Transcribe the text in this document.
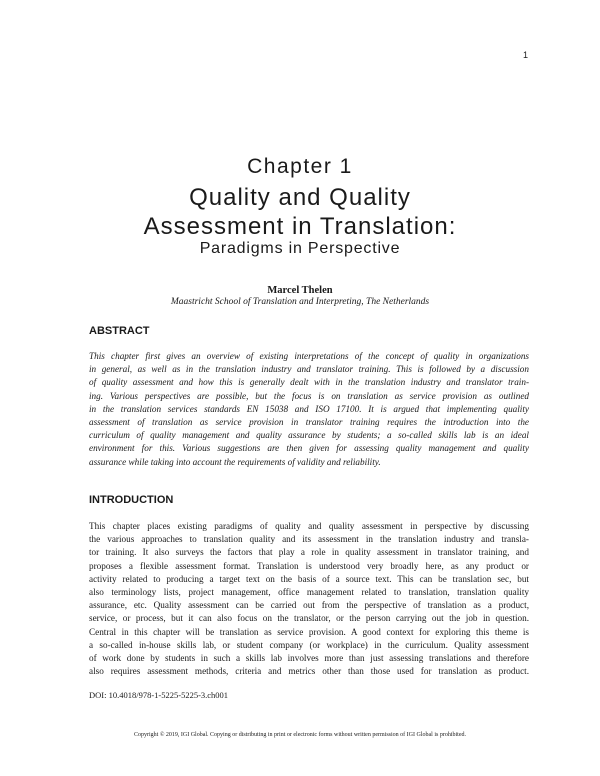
1
Chapter 1
Quality and Quality
Assessment in Translation:
Paradigms in Perspective
Marcel Thelen
Maastricht School of Translation and Interpreting, The Netherlands
ABSTRACT

This chapter first gives an overview of existing interpretations of the concept of quality in organizations
in general, as well as in the translation industry and translator training. This is followed by a discussion
of quality assessment and how this is generally dealt with in the translation industry and translator train-
ing. Various perspectives are possible, but the focus is on translation as service provision as outlined
in the translation services standards EN 15038 and ISO 17100. It is argued that implementing quality
assessment of translation as service provision in translator training requires the introduction into the
curriculum of quality management and quality assurance by students; a so-called skills lab is an ideal
environment for this. Various suggestions are then given for assessing quality management and quality
assurance while taking into account the requirements of validity and reliability.

INTRODUCTION

This chapter places existing paradigms of quality and quality assessment in perspective by discussing
the various approaches to translation quality and its assessment in the translation industry and transla-
tor training. It also surveys the factors that play a role in quality assessment in translator training, and
proposes a flexible assessment format. Translation is understood very broadly here, as any product or
activity related to producing a target text on the basis of a source text. This can be translation sec, but
also terminology lists, project management, office management related to translation, translation quality
assurance, etc. Quality assessment can be carried out from the perspective of translation as a product,
service, or process, but it can also focus on the translator, or the person carrying out the job in question.
Central in this chapter will be translation as service provision. A good context for exploring this theme is
a so-called in-house skills lab, or student company (or workplace) in the curriculum. Quality assessment
of work done by students in such a skills lab involves more than just assessing translations and therefore
also requires assessment methods, criteria and metrics other than those used for translation as product.

DOI: 10.4018/978-1-5225-5225-3.ch001
Copyright © 2019, IGI Global. Copying or distributing in print or electronic forms without written permission of IGI Global is prohibited.
